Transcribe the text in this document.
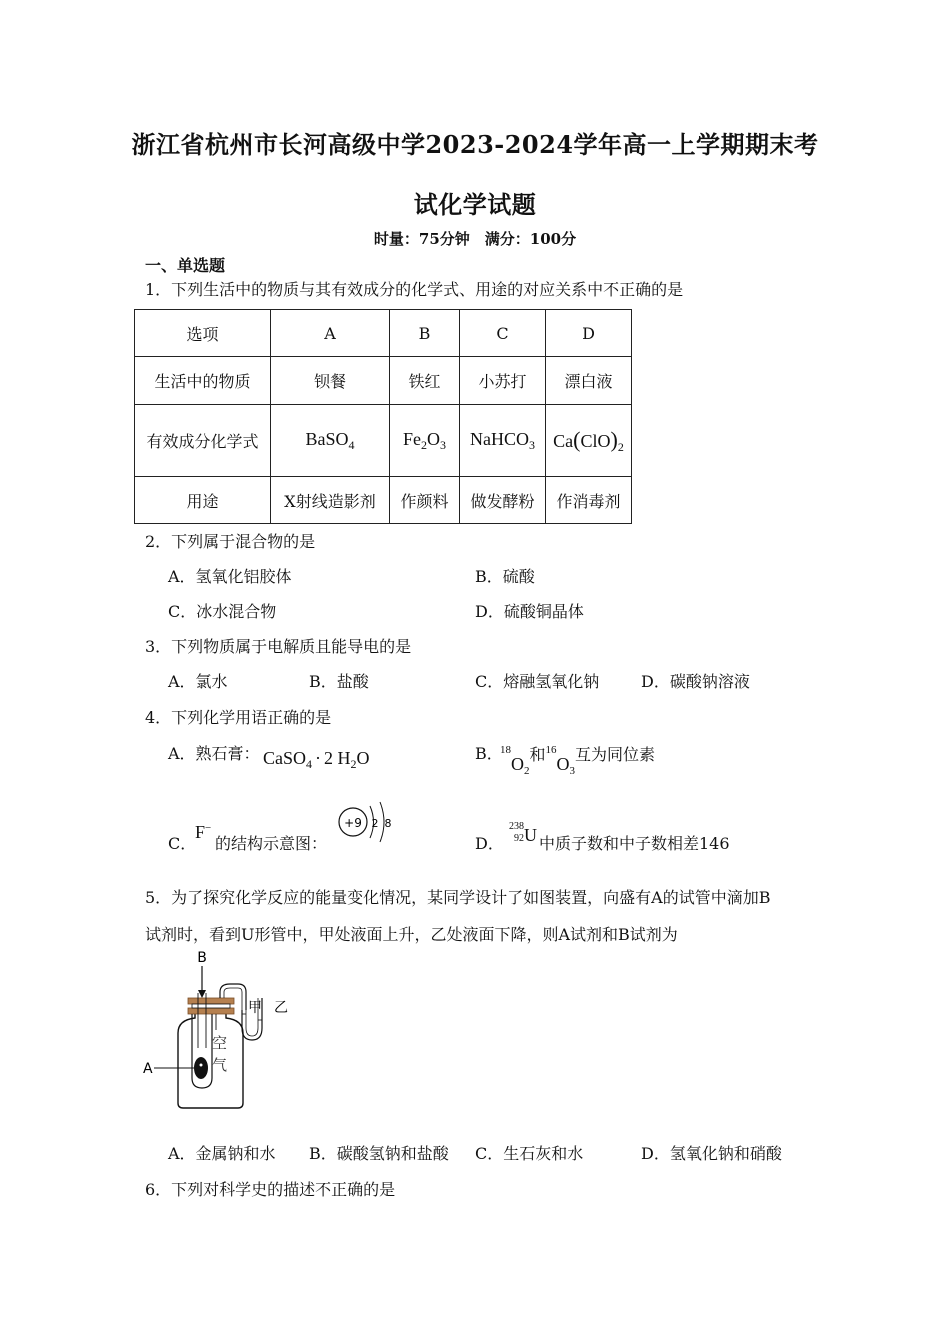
浙江省杭州市长河高级中学2023-2024学年高一上学期期末考
试化学试题
时量：75分钟　满分：100分
一、单选题
1．下列生活中的物质与其有效成分的化学式、用途的对应关系中不正确的是
选项	A	B	C	D
生活中的物质	钡餐	铁红	小苏打	漂白液
有效成分化学式	BaSO$_4$	$Fe_2O_3$	NaHCO$_3$	$Ca(ClO)_2$
用途	X射线造影剂	作颜料	做发酵粉	作消毒剂
2．下列属于混合物的是
A．氢氧化铝胶体	B．硫酸
C．冰水混合物	D．硫酸铜晶体
3．下列物质属于电解质且能导电的是
A．氯水	B．盐酸	C．熔融氢氧化钠	D．碳酸钠溶液
4．下列化学用语正确的是
A．熟石膏： CaSO$_4$ · 2 $H_2O$	B．
$^{18}O_2$和$^{16}O_3$互为同位素
C．
F−
的结构示意图：
+9 2 8
D．
238
92 U 中质子数和中子数相差146
5．为了探究化学反应的能量变化情况，某同学设计了如图装置，向盛有A的试管中滴加B
试剂时，看到U形管中，甲处液面上升，乙处液面下降，则A试剂和B试剂为
B
甲 乙
空
气
A
A．金属钠和水 B．碳酸氢钠和盐酸 C．生石灰和水	D．氢氧化钠和硝酸
6．下列对科学史的描述不正确的是
